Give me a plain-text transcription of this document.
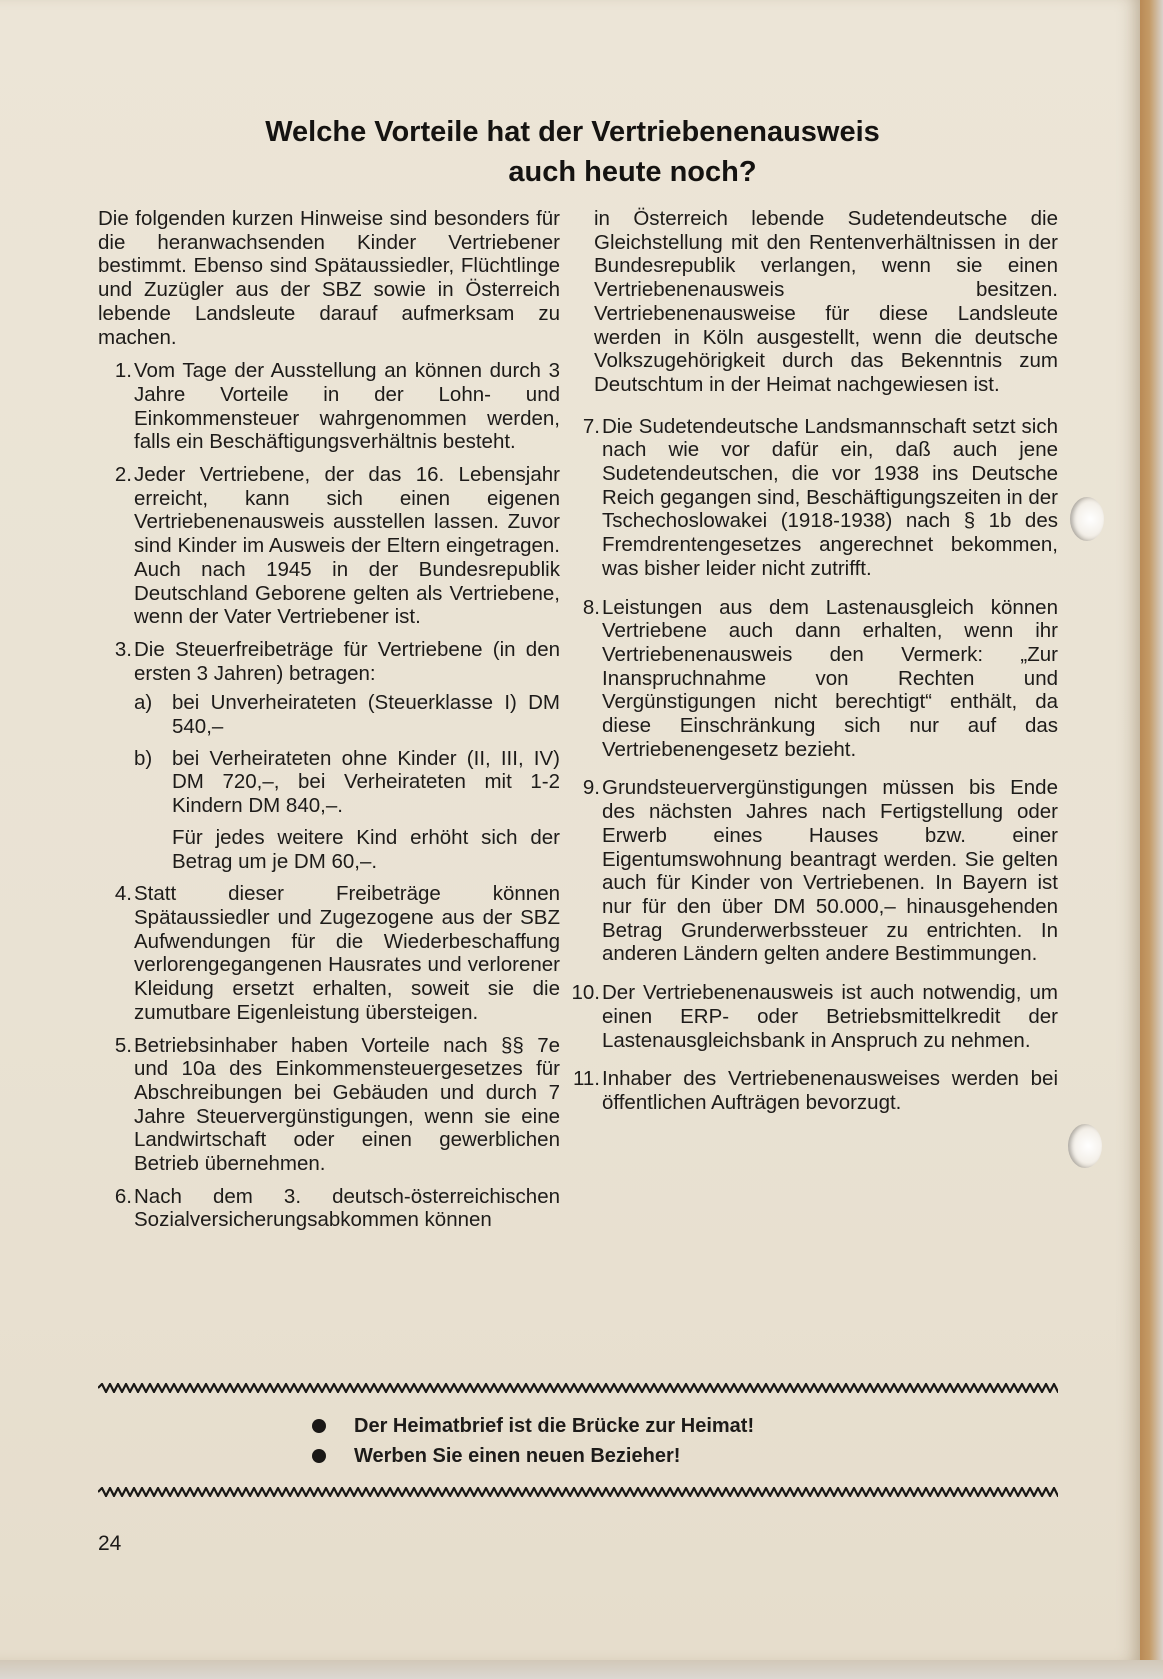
Welche Vorteile hat der Vertriebenenausweis
auch heute noch?

Die folgenden kurzen Hinweise sind besonders für die heranwachsenden Kinder Vertriebener bestimmt. Ebenso sind Spätaussiedler, Flüchtlinge und Zuzügler aus der SBZ sowie in Österreich lebende Landsleute darauf aufmerksam zu machen.

1. Vom Tage der Ausstellung an können durch 3 Jahre Vorteile in der Lohn- und Einkommensteuer wahrgenommen werden, falls ein Beschäftigungsverhältnis besteht.
2. Jeder Vertriebene, der das 16. Lebensjahr erreicht, kann sich einen eigenen Vertriebenenausweis ausstellen lassen. Zuvor sind Kinder im Ausweis der Eltern eingetragen. Auch nach 1945 in der Bundesrepublik Deutschland Geborene gelten als Vertriebene, wenn der Vater Vertriebener ist.
3. Die Steuerfreibeträge für Vertriebene (in den ersten 3 Jahren) betragen:
a) bei Unverheirateten (Steuerklasse I) DM 540,–
b) bei Verheirateten ohne Kinder (II, III, IV) DM 720,–, bei Verheirateten mit 1-2 Kindern DM 840,–.

Für jedes weitere Kind erhöht sich der Betrag um je DM 60,–.

4. Statt dieser Freibeträge können Spätaussiedler und Zugezogene aus der SBZ Aufwendungen für die Wiederbeschaffung verlorengegangenen Hausrates und verlorener Kleidung ersetzt erhalten, soweit sie die zumutbare Eigenleistung übersteigen.
5. Betriebsinhaber haben Vorteile nach §§ 7e und 10a des Einkommensteuergesetzes für Abschreibungen bei Gebäuden und durch 7 Jahre Steuervergünstigungen, wenn sie eine Landwirtschaft oder einen gewerblichen Betrieb übernehmen.
6. Nach dem 3. deutsch-österreichischen Sozialversicherungsabkommen können

in Österreich lebende Sudetendeutsche die Gleichstellung mit den Rentenverhältnissen in der Bundesrepublik verlangen, wenn sie einen Vertriebenenausweis besitzen. Vertriebenenausweise für diese Landsleute werden in Köln ausgestellt, wenn die deutsche Volkszugehörigkeit durch das Bekenntnis zum Deutschtum in der Heimat nachgewiesen ist.

7. Die Sudetendeutsche Landsmannschaft setzt sich nach wie vor dafür ein, daß auch jene Sudetendeutschen, die vor 1938 ins Deutsche Reich gegangen sind, Beschäftigungszeiten in der Tschechoslowakei (1918-1938) nach § 1b des Fremdrentengesetzes angerechnet bekommen, was bisher leider nicht zutrifft.
8. Leistungen aus dem Lastenausgleich können Vertriebene auch dann erhalten, wenn ihr Vertriebenenausweis den Vermerk: „Zur Inanspruchnahme von Rechten und Vergünstigungen nicht berechtigt“ enthält, da diese Einschränkung sich nur auf das Vertriebenengesetz bezieht.
9. Grundsteuervergünstigungen müssen bis Ende des nächsten Jahres nach Fertigstellung oder Erwerb eines Hauses bzw. einer Eigentumswohnung beantragt werden. Sie gelten auch für Kinder von Vertriebenen. In Bayern ist nur für den über DM 50.000,– hinausgehenden Betrag Grunderwerbssteuer zu entrichten. In anderen Ländern gelten andere Bestimmungen.
10. Der Vertriebenenausweis ist auch notwendig, um einen ERP- oder Betriebsmittelkredit der Lastenausgleichsbank in Anspruch zu nehmen.
11. Inhaber des Vertriebenenausweises werden bei öffentlichen Aufträgen bevorzugt.
Der Heimatbrief ist die Brücke zur Heimat!
Werben Sie einen neuen Bezieher!
24
